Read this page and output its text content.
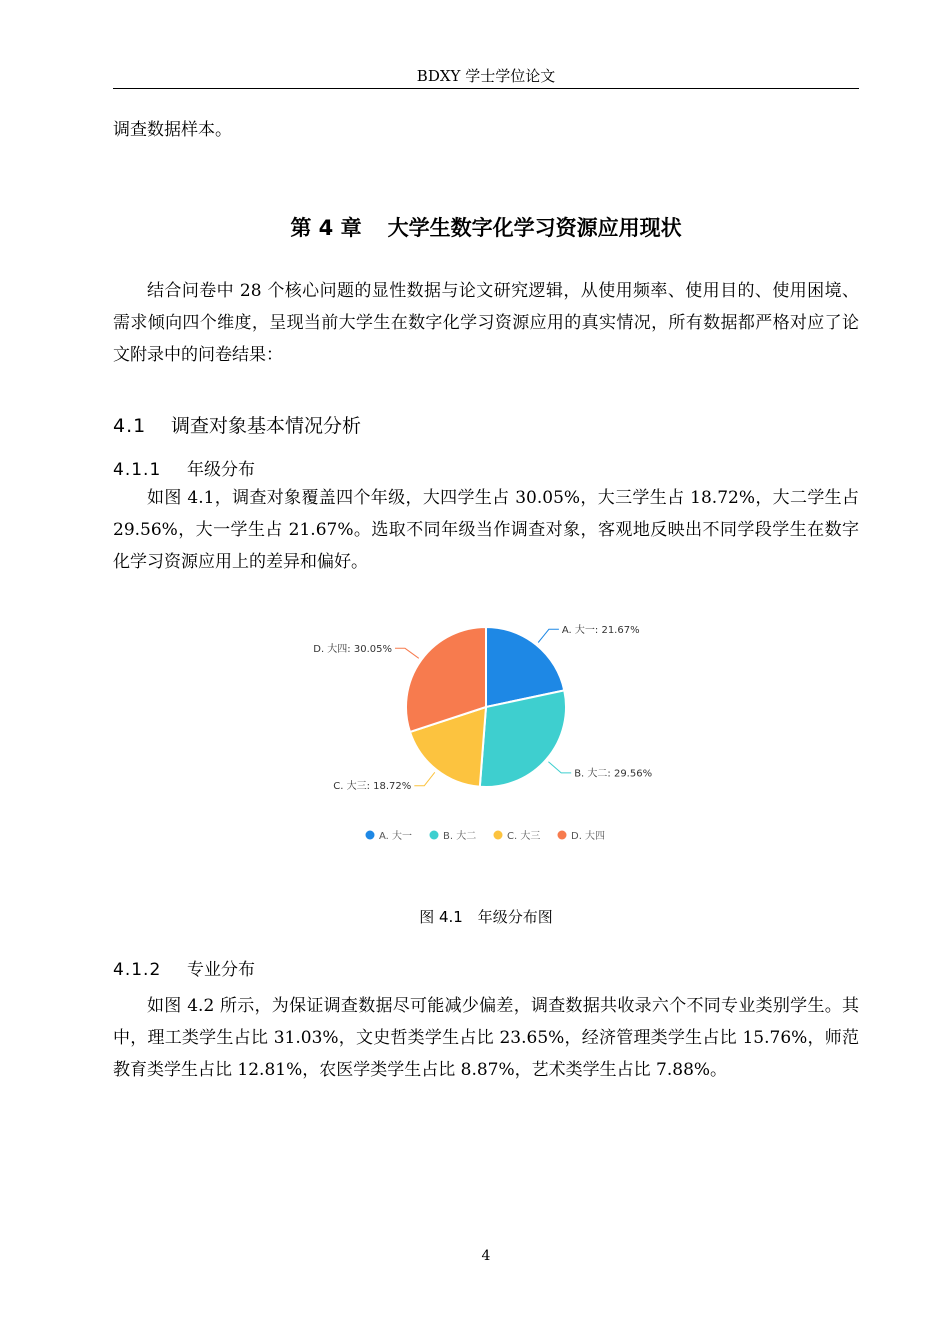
BDXY 学士学位论文

调查数据样本。

第 4 章 大学生数字化学习资源应用现状

结合问卷中 28 个核心问题的显性数据与论文研究逻辑，从使用频率、使用目的、使用困境、需求倾向四个维度，呈现当前大学生在数字化学习资源应用的真实情况，所有数据都严格对应了论文附录中的问卷结果：

4.1 调查对象基本情况分析
4.1.1 年级分布

如图 4.1，调查对象覆盖四个年级，大四学生占 30.05%，大三学生占 18.72%，大二学生占 29.56%，大一学生占 21.67%。选取不同年级当作调查对象，客观地反映出不同学段学生在数字化学习资源应用上的差异和偏好。

A. 大一: 21.67%
B. 大二: 29.56%
C. 大三: 18.72%
D. 大四: 30.05%
A. 大一	B. 大二	C. 大三	D. 大四
图 4.1　年级分布图
4.1.2 专业分布

如图 4.2 所示，为保证调查数据尽可能减少偏差，调查数据共收录六个不同专业类别学生。其中，理工类学生占比 31.03%，文史哲类学生占比 23.65%，经济管理类学生占比 15.76%，师范教育类学生占比 12.81%，农医学类学生占比 8.87%，艺术类学生占比 7.88%。

4
